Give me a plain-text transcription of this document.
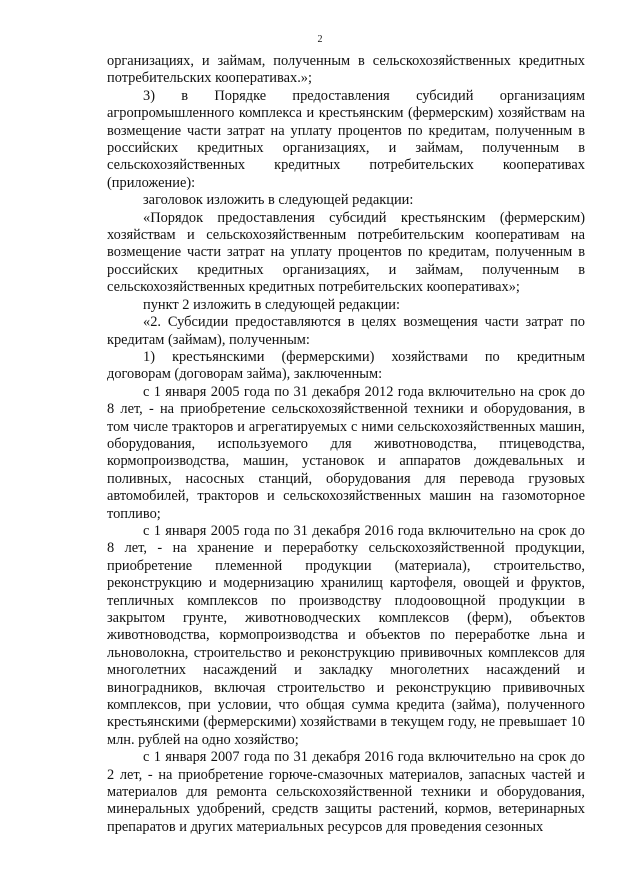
2

организациях, и займам, полученным в сельскохозяйственных кредитных потребительских кооперативах.»;

3) в Порядке предоставления субсидий организациям агропромышленного комплекса и крестьянским (фермерским) хозяйствам на возмещение части затрат на уплату процентов по кредитам, полученным в российских кредитных организациях, и займам, полученным в сельскохозяйственных кредитных потребительских кооперативах (приложение):

заголовок изложить в следующей редакции:

«Порядок предоставления субсидий крестьянским (фермерским) хозяйствам и сельскохозяйственным потребительским кооперативам на возмещение части затрат на уплату процентов по кредитам, полученным в российских кредитных организациях, и займам, полученным в сельскохозяйственных кредитных потребительских кооперативах»;

пункт 2 изложить в следующей редакции:

«2. Субсидии предоставляются в целях возмещения части затрат по кредитам (займам), полученным:

1) крестьянскими (фермерскими) хозяйствами по кредитным договорам (договорам займа), заключенным:

с 1 января 2005 года по 31 декабря 2012 года включительно на срок до 8 лет, - на приобретение сельскохозяйственной техники и оборудования, в том числе тракторов и агрегатируемых с ними сельскохозяйственных машин, оборудования, используемого для животноводства, птицеводства, кормопроизводства, машин, установок и аппаратов дождевальных и поливных, насосных станций, оборудования для перевода грузовых автомобилей, тракторов и сельскохозяйственных машин на газомоторное топливо;

с 1 января 2005 года по 31 декабря 2016 года включительно на срок до 8 лет, - на хранение и переработку сельскохозяйственной продукции, приобретение племенной продукции (материала), строительство, реконструкцию и модернизацию хранилищ картофеля, овощей и фруктов, тепличных комплексов по производству плодоовощной продукции в закрытом грунте, животноводческих комплексов (ферм), объектов животноводства, кормопроизводства и объектов по переработке льна и льноволокна, строительство и реконструкцию прививочных комплексов для многолетних насаждений и закладку многолетних насаждений и виноградников, включая строительство и реконструкцию прививочных комплексов, при условии, что общая сумма кредита (займа), полученного крестьянскими (фермерскими) хозяйствами в текущем году, не превышает 10 млн. рублей на одно хозяйство;

с 1 января 2007 года по 31 декабря 2016 года включительно на срок до 2 лет, - на приобретение горюче-смазочных материалов, запасных частей и материалов для ремонта сельскохозяйственной техники и оборудования, минеральных удобрений, средств защиты растений, кормов, ветеринарных препаратов и других материальных ресурсов для проведения сезонных
